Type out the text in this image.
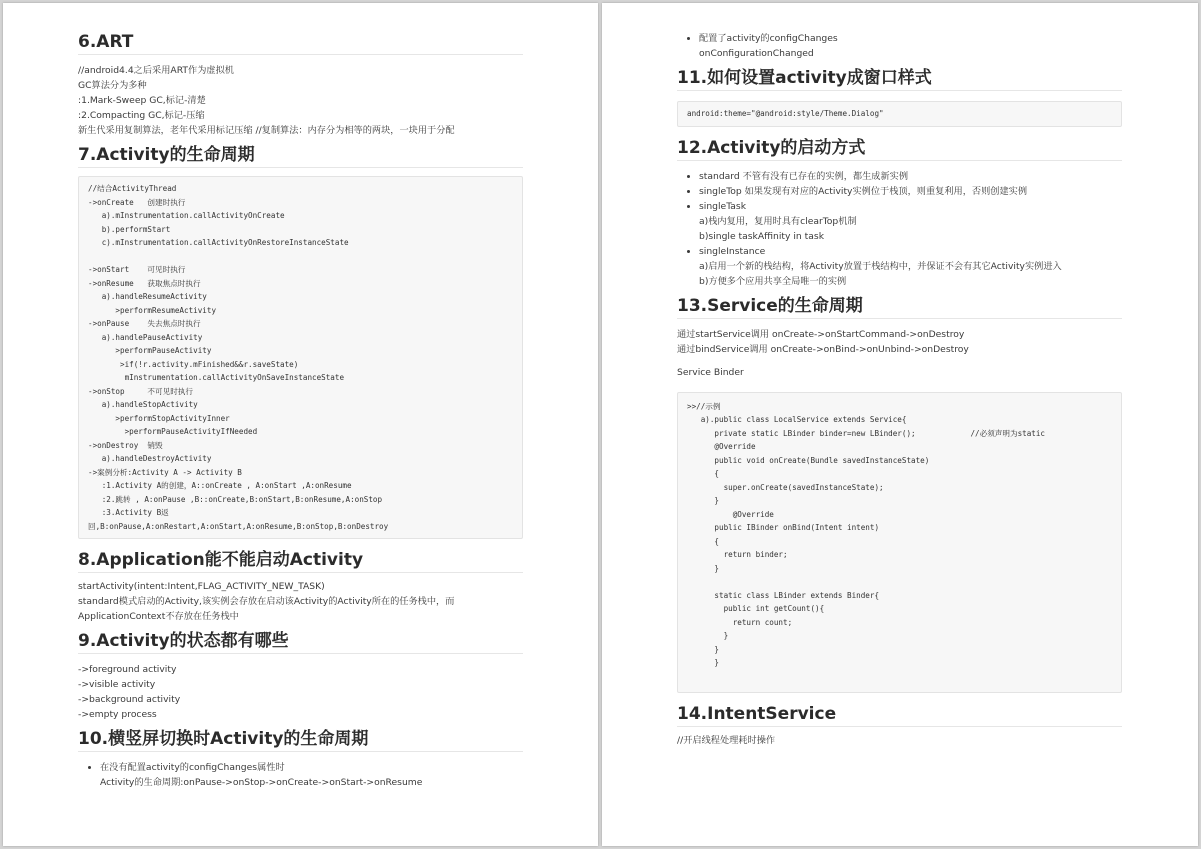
6.ART
//android4.4之后采用ART作为虚拟机
GC算法分为多种
:1.Mark-Sweep GC,标记-清楚
:2.Compacting GC,标记-压缩
新生代采用复制算法，老年代采用标记压缩 //复制算法：内存分为相等的两块，一块用于分配
7.Activity的生命周期
//结合ActivityThread
->onCreate   创建时执行
a).mInstrumentation.callActivityOnCreate
b).performStart
c).mInstrumentation.callActivityOnRestoreInstanceState

->onStart    可见时执行
->onResume   获取焦点时执行
a).handleResumeActivity
>performResumeActivity
->onPause    失去焦点时执行
a).handlePauseActivity
>performPauseActivity
>if(!r.activity.mFinished&&r.saveState)
mInstrumentation.callActivityOnSaveInstanceState
->onStop     不可见时执行
a).handleStopActivity
>performStopActivityInner
>performPauseActivityIfNeeded
->onDestroy  销毁
a).handleDestroyActivity
->案例分析:Activity A -> Activity B
:1.Activity A的创建，A::onCreate , A:onStart ,A:onResume
:2.跳转 , A:onPause ,B::onCreate,B:onStart,B:onResume,A:onStop
:3.Activity B返
回,B:onPause,A:onRestart,A:onStart,A:onResume,B:onStop,B:onDestroy
8.Application能不能启动Activity
startActivity(intent:Intent,FLAG_ACTIVITY_NEW_TASK)
standard模式启动的Activity,该实例会存放在启动该Activity的Activity所在的任务栈中，而
ApplicationContext不存放在任务栈中
9.Activity的状态都有哪些
->foreground activity
->visible activity
->background activity
->empty process
10.横竖屏切换时Activity的生命周期
• 在没有配置activity的configChanges属性时
Activity的生命周期:onPause->onStop->onCreate->onStart->onResume
• 配置了activity的configChanges
onConfigurationChanged
11.如何设置activity成窗口样式
android:theme="@android:style/Theme.Dialog"
12.Activity的启动方式
• standard 不管有没有已存在的实例，都生成新实例
• singleTop 如果发现有对应的Activity实例位于栈顶，则重复利用，否则创建实例
• singleTask
a)栈内复用，复用时具有clearTop机制
b)single taskAffinity in task
• singleInstance
a)启用一个新的栈结构，将Activity放置于栈结构中，并保证不会有其它Activity实例进入
b)方便多个应用共享全局唯一的实例
13.Service的生命周期
通过startService调用 onCreate->onStartCommand->onDestroy
通过bindService调用 onCreate->onBind->onUnbind->onDestroy
Service Binder
>>//示例
a).public class LocalService extends Service{
private static LBinder binder=new LBinder();            //必须声明为static
@Override
public void onCreate(Bundle savedInstanceState)
{
super.onCreate(savedInstanceState);
}
@Override
public IBinder onBind(Intent intent)
{
return binder;
}

static class LBinder extends Binder{
public int getCount(){
return count;
}
}
}
14.IntentService
//开启线程处理耗时操作
